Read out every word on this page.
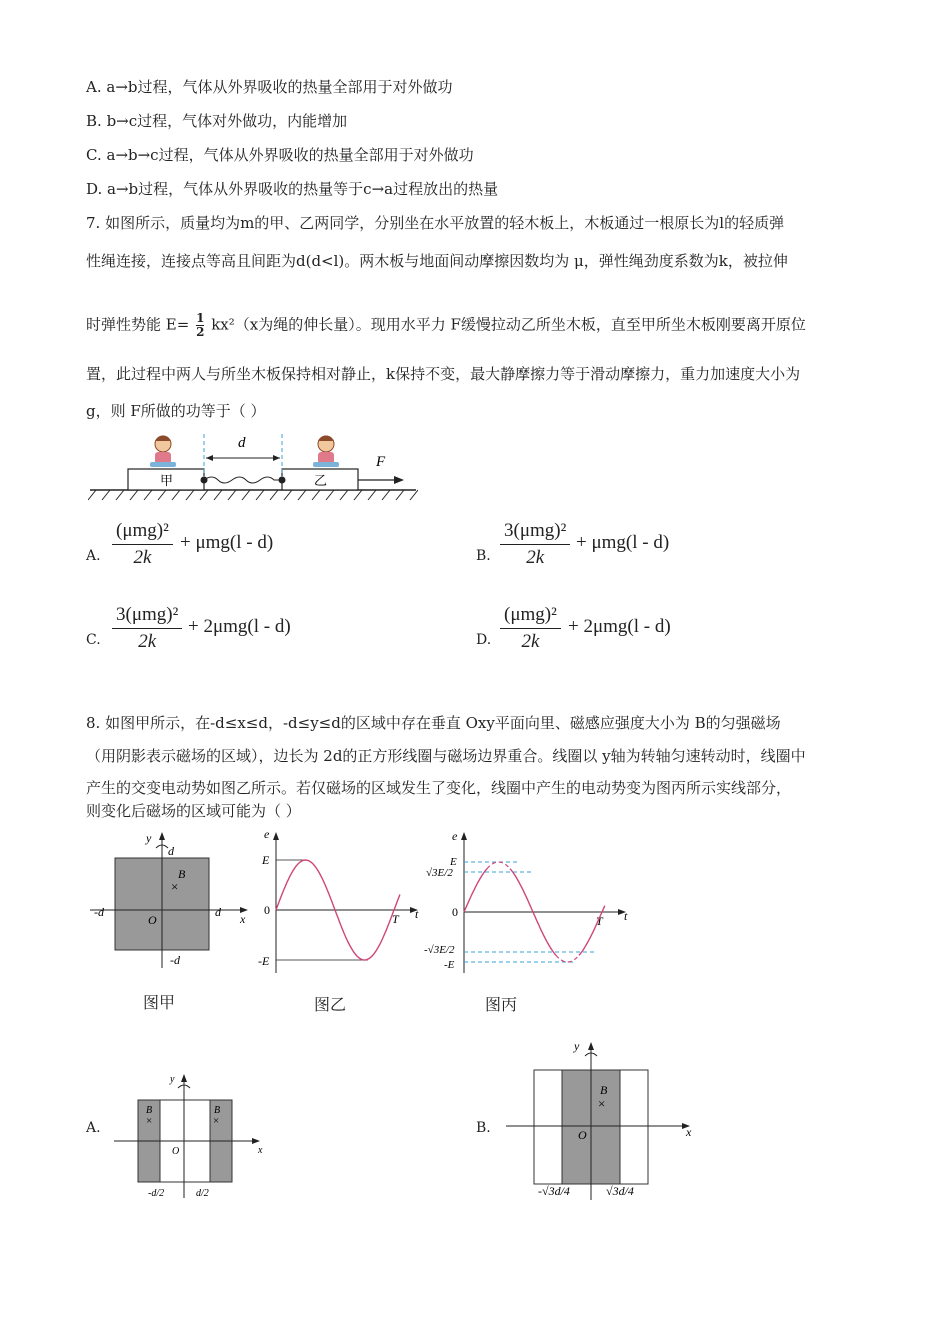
A. a→b过程，气体从外界吸收的热量全部用于对外做功
B. b→c过程，气体对外做功，内能增加
C. a→b→c过程，气体从外界吸收的热量全部用于对外做功
D. a→b过程，气体从外界吸收的热量等于c→a过程放出的热量
7. 如图所示，质量均为m的甲、乙两同学，分别坐在水平放置的轻木板上，木板通过一根原长为l的轻质弹
性绳连接，连接点等高且间距为d(d<l)。两木板与地面间动摩擦因数均为 μ，弹性绳劲度系数为k，被拉伸
时弹性势能 $E= \frac{1}{2} kx^2(x$为绳的伸长量）。现用水平力 F缓慢拉动乙所坐木板，直至甲所坐木板刚要离开原位
置，此过程中两人与所坐木板保持相对静止，k保持不变，最大静摩擦力等于滑动摩擦力，重力加速度大小为
g，则 F所做的功等于（ ）
甲	乙
d
F
A.
(μmg)²
2k
+ μmg(l - d)
B.
3(μmg)²
2k
+ μmg(l - d)
C.
3(μmg)²
2k
+ 2μmg(l - d)
D.
(μmg)²
2k
+ 2μmg(l - d)
8. 如图甲所示，在-d≤x≤d，-d≤y≤d的区域中存在垂直 Oxy平面向里、磁感应强度大小为 B的匀强磁场
（用阴影表示磁场的区域），边长为 2d的正方形线圈与磁场边界重合。线圈以 y轴为转轴匀速转动时，线圈中
产生的交变电动势如图乙所示。若仅磁场的区域发生了变化，线圈中产生的电动势变为图丙所示实线部分，
则变化后磁场的区域可能为（ ）
y
x
d
d
-d
-d
O
B
×
图甲
e
E
0
-E
T t
图乙
e
E
√3E/2
0
-√3E/2
-E
T t
图丙
A.
y
x
O
B
×
B
×
-d/2	d/2
B.
y
x
O
B
×
-√3d/4	√3d/4
